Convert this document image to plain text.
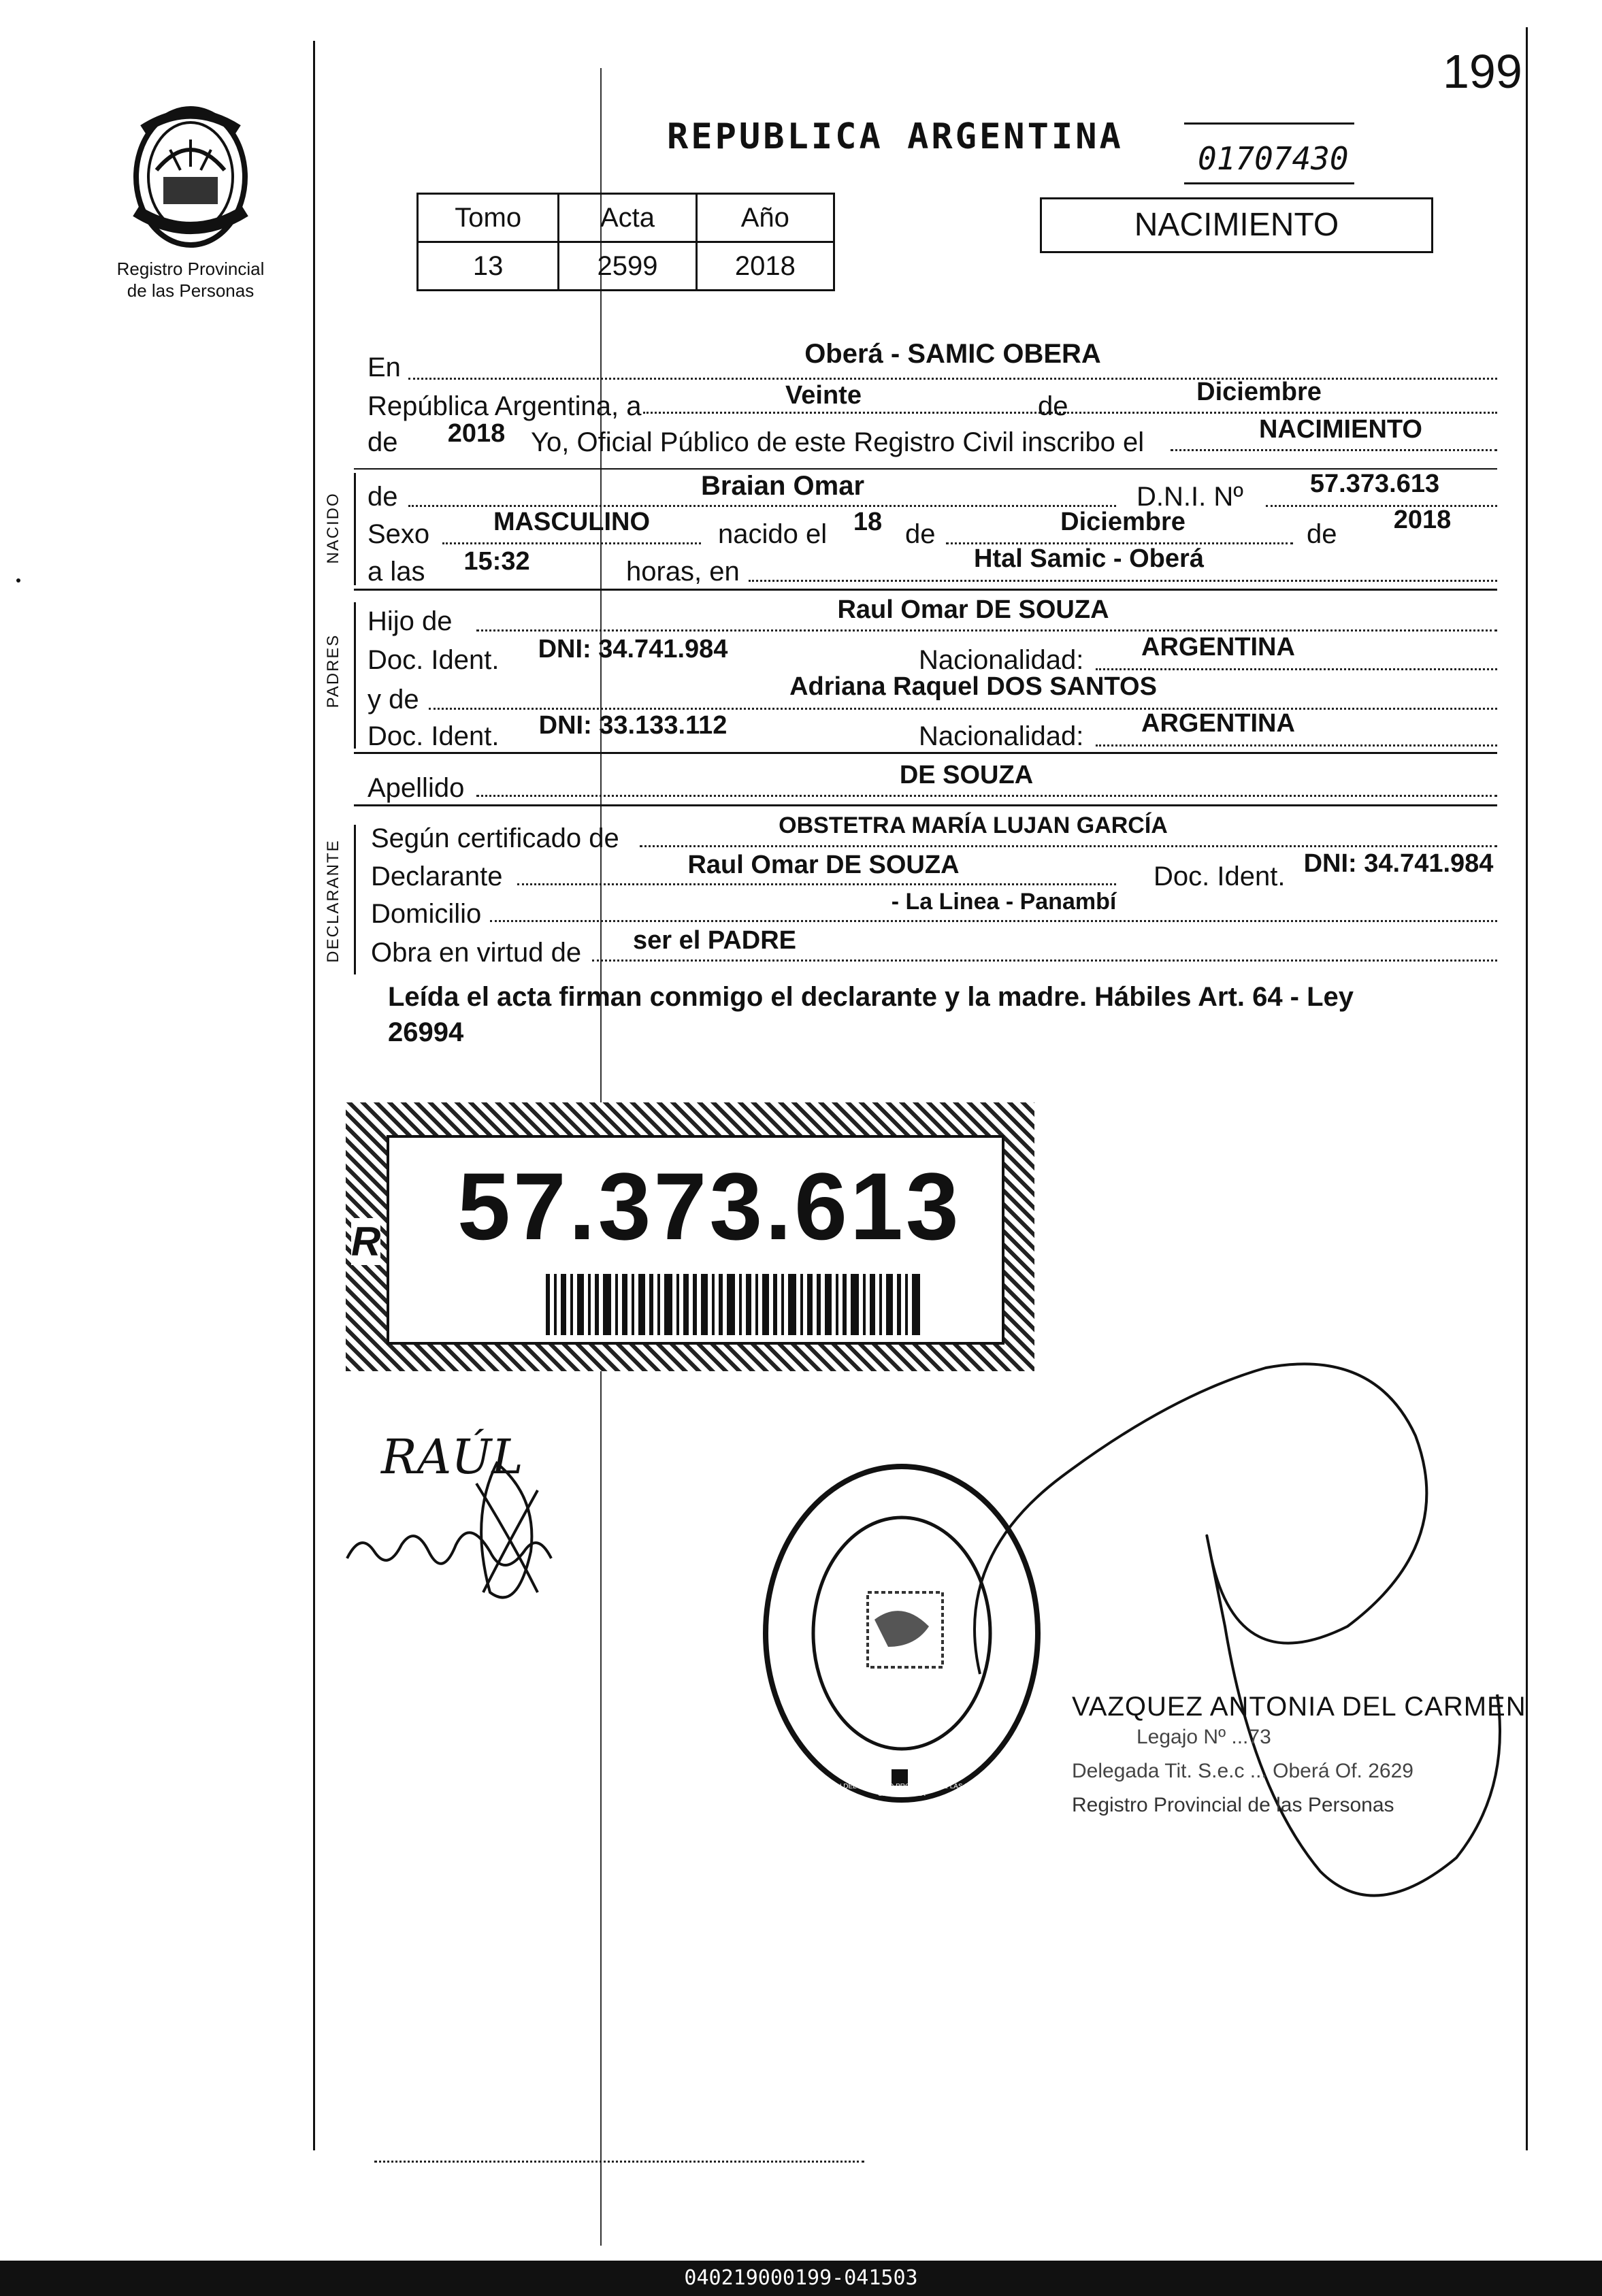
199
Registro Provincial
de las Personas
REPUBLICA ARGENTINA
01707430
Tomo	Acta	Año
13	2599	2018
NACIMIENTO
En	Oberá - SAMIC OBERA
República Argentina, a	Veinte	de	Diciembre
de	2018 Yo, Oficial Público de este Registro Civil inscribo el	NACIMIENTO
NACIDO de	Braian Omar	D.N.I. Nº	57.373.613
Sexo	MASCULINO	nacido el	18 de	Diciembre	de	2018
a las	15:32	horas, en	Htal Samic - Oberá
PADRES
Hijo de	Raul Omar DE SOUZA
Doc. Ident.	DNI: 34.741.984	Nacionalidad:	ARGENTINA
y de	Adriana Raquel DOS SANTOS
Doc. Ident.	DNI: 33.133.112	Nacionalidad:	ARGENTINA
Apellido	DE SOUZA
DECLARANTE
Según certificado de	OBSTETRA MARÍA LUJAN GARCÍA
Declarante	Raul Omar DE SOUZA	Doc. Ident. DNI: 34.741.984
Domicilio	- La Linea - Panambí
Obra en virtud de	ser el PADRE
Leída el acta firman conmigo el declarante y la madre. Hábiles Art. 64 - Ley
26994
57.373.613
R
RAÚL
DELEGACIÓN DEL REGISTRO PROVINCIAL DE LAS PERSONAS · SAMIC OBERÁ
VAZQUEZ ANTONIA DEL CARMEN
Legajo Nº ...73
Delegada Tit. S.e.c ... Oberá Of. 2629
Registro Provincial de las Personas
040219000199-041503
